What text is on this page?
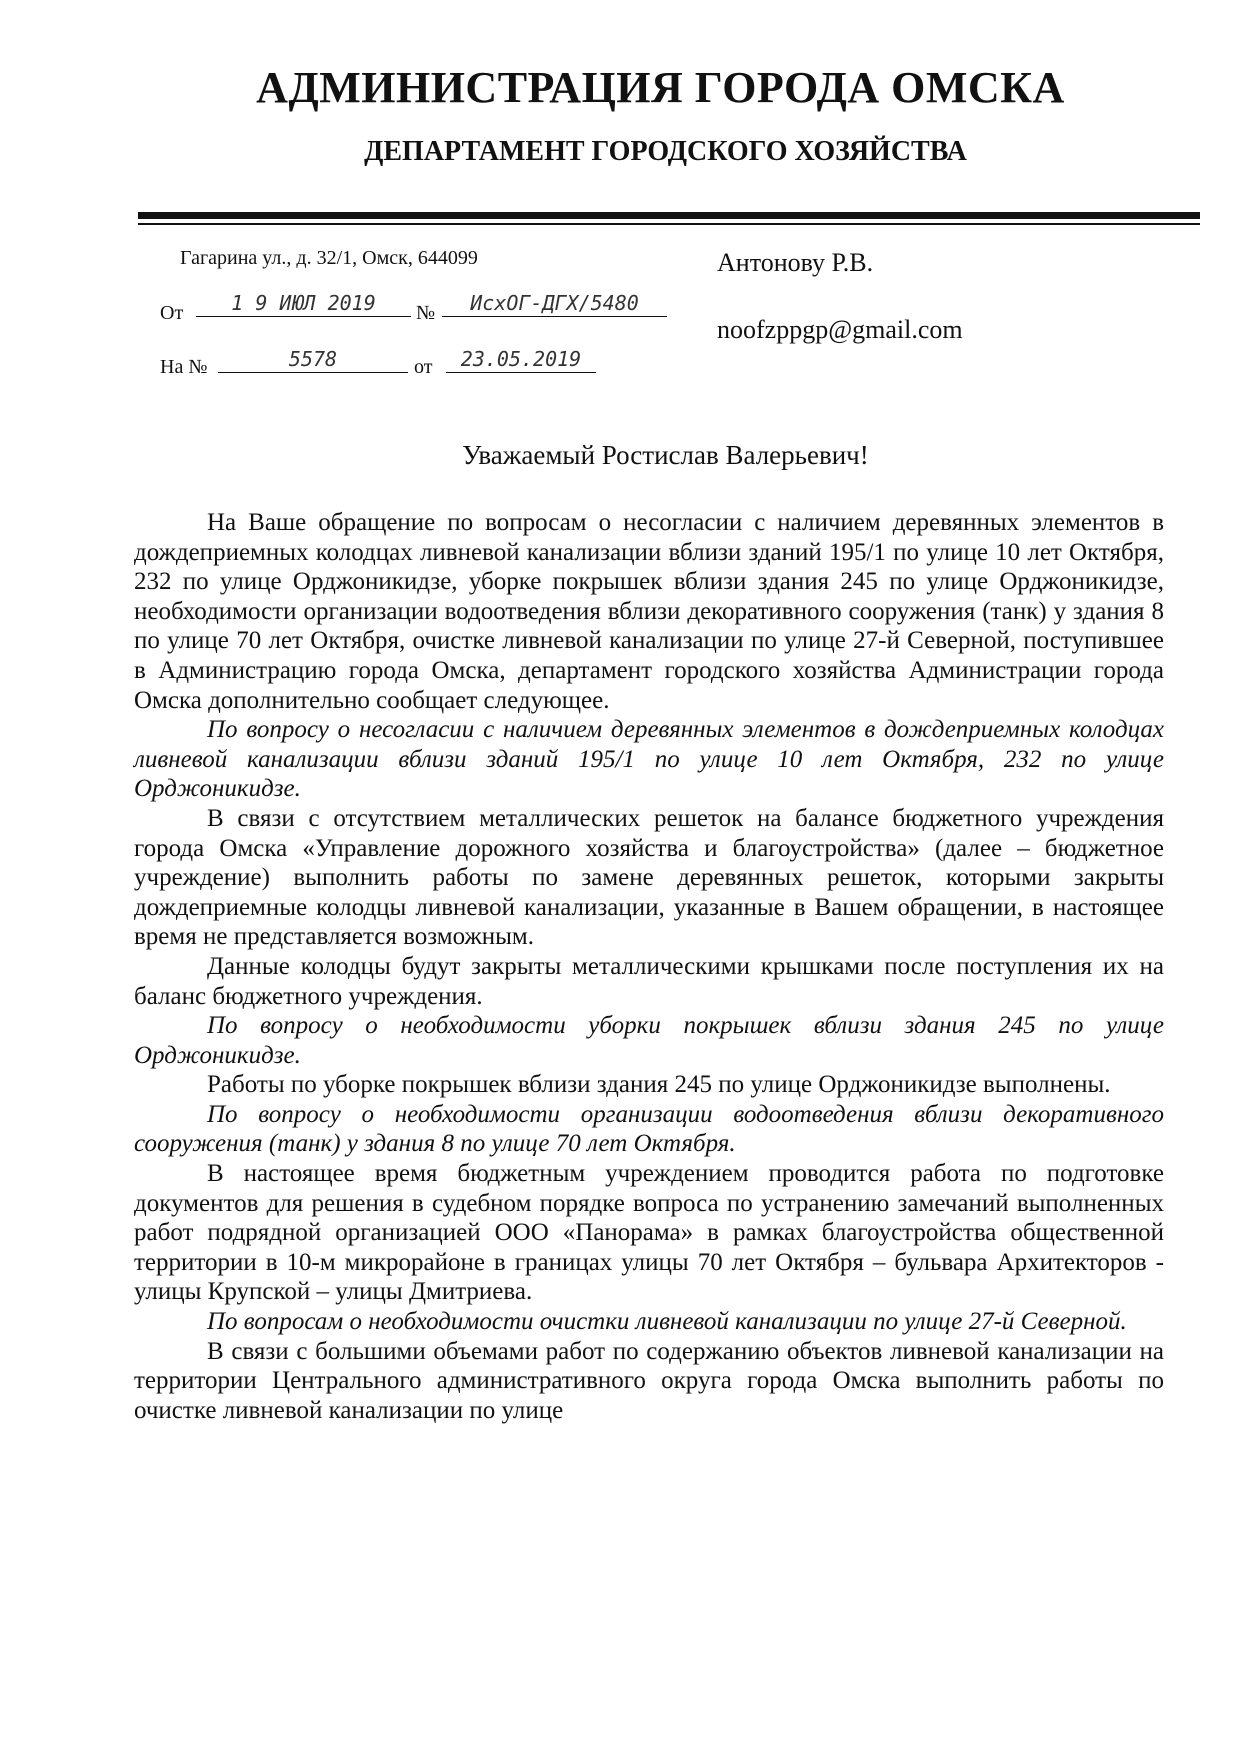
АДМИНИСТРАЦИЯ ГОРОДА ОМСКА
ДЕПАРТАМЕНТ ГОРОДСКОГО ХОЗЯЙСТВА
Гагарина ул., д. 32/1, Омск, 644099
От	1 9 ИЮЛ 2019	№	ИсхОГ-ДГХ/5480
На №	5578	от	23.05.2019
Антонову Р.В.
noofzppgp@gmail.com
Уважаемый Ростислав Валерьевич!

На Ваше обращение по вопросам о несогласии с наличием деревянных элементов в дождеприемных колодцах ливневой канализации вблизи зданий 195/1 по улице 10 лет Октября, 232 по улице Орджоникидзе, уборке покрышек вблизи здания 245 по улице Орджоникидзе, необходимости организации водоотведения вблизи декоративного сооружения (танк) у здания 8 по улице 70 лет Октября, очистке ливневой канализации по улице 27-й Северной, поступившее в Администрацию города Омска, департамент городского хозяйства Администрации города Омска дополнительно сообщает следующее.

По вопросу о несогласии с наличием деревянных элементов в дождеприемных колодцах ливневой канализации вблизи зданий 195/1 по улице 10 лет Октября, 232 по улице Орджоникидзе.

В связи с отсутствием металлических решеток на балансе бюджетного учреждения города Омска «Управление дорожного хозяйства и благоустройства» (далее – бюджетное учреждение) выполнить работы по замене деревянных решеток, которыми закрыты дождеприемные колодцы ливневой канализации, указанные в Вашем обращении, в настоящее время не представляется возможным.

Данные колодцы будут закрыты металлическими крышками после поступления их на баланс бюджетного учреждения.

По вопросу о необходимости уборки покрышек вблизи здания 245 по улице Орджоникидзе.

Работы по уборке покрышек вблизи здания 245 по улице Орджоникидзе выполнены.

По вопросу о необходимости организации водоотведения вблизи декоративного сооружения (танк) у здания 8 по улице 70 лет Октября.

В настоящее время бюджетным учреждением проводится работа по подготовке документов для решения в судебном порядке вопроса по устранению замечаний выполненных работ подрядной организацией ООО «Панорама» в рамках благоустройства общественной территории в 10-м микрорайоне в границах улицы 70 лет Октября – бульвара Архитекторов - улицы Крупской – улицы Дмитриева.

По вопросам о необходимости очистки ливневой канализации по улице 27-й Северной.

В связи с большими объемами работ по содержанию объектов ливневой канализации на территории Центрального административного округа города Омска выполнить работы по очистке ливневой канализации по улице
